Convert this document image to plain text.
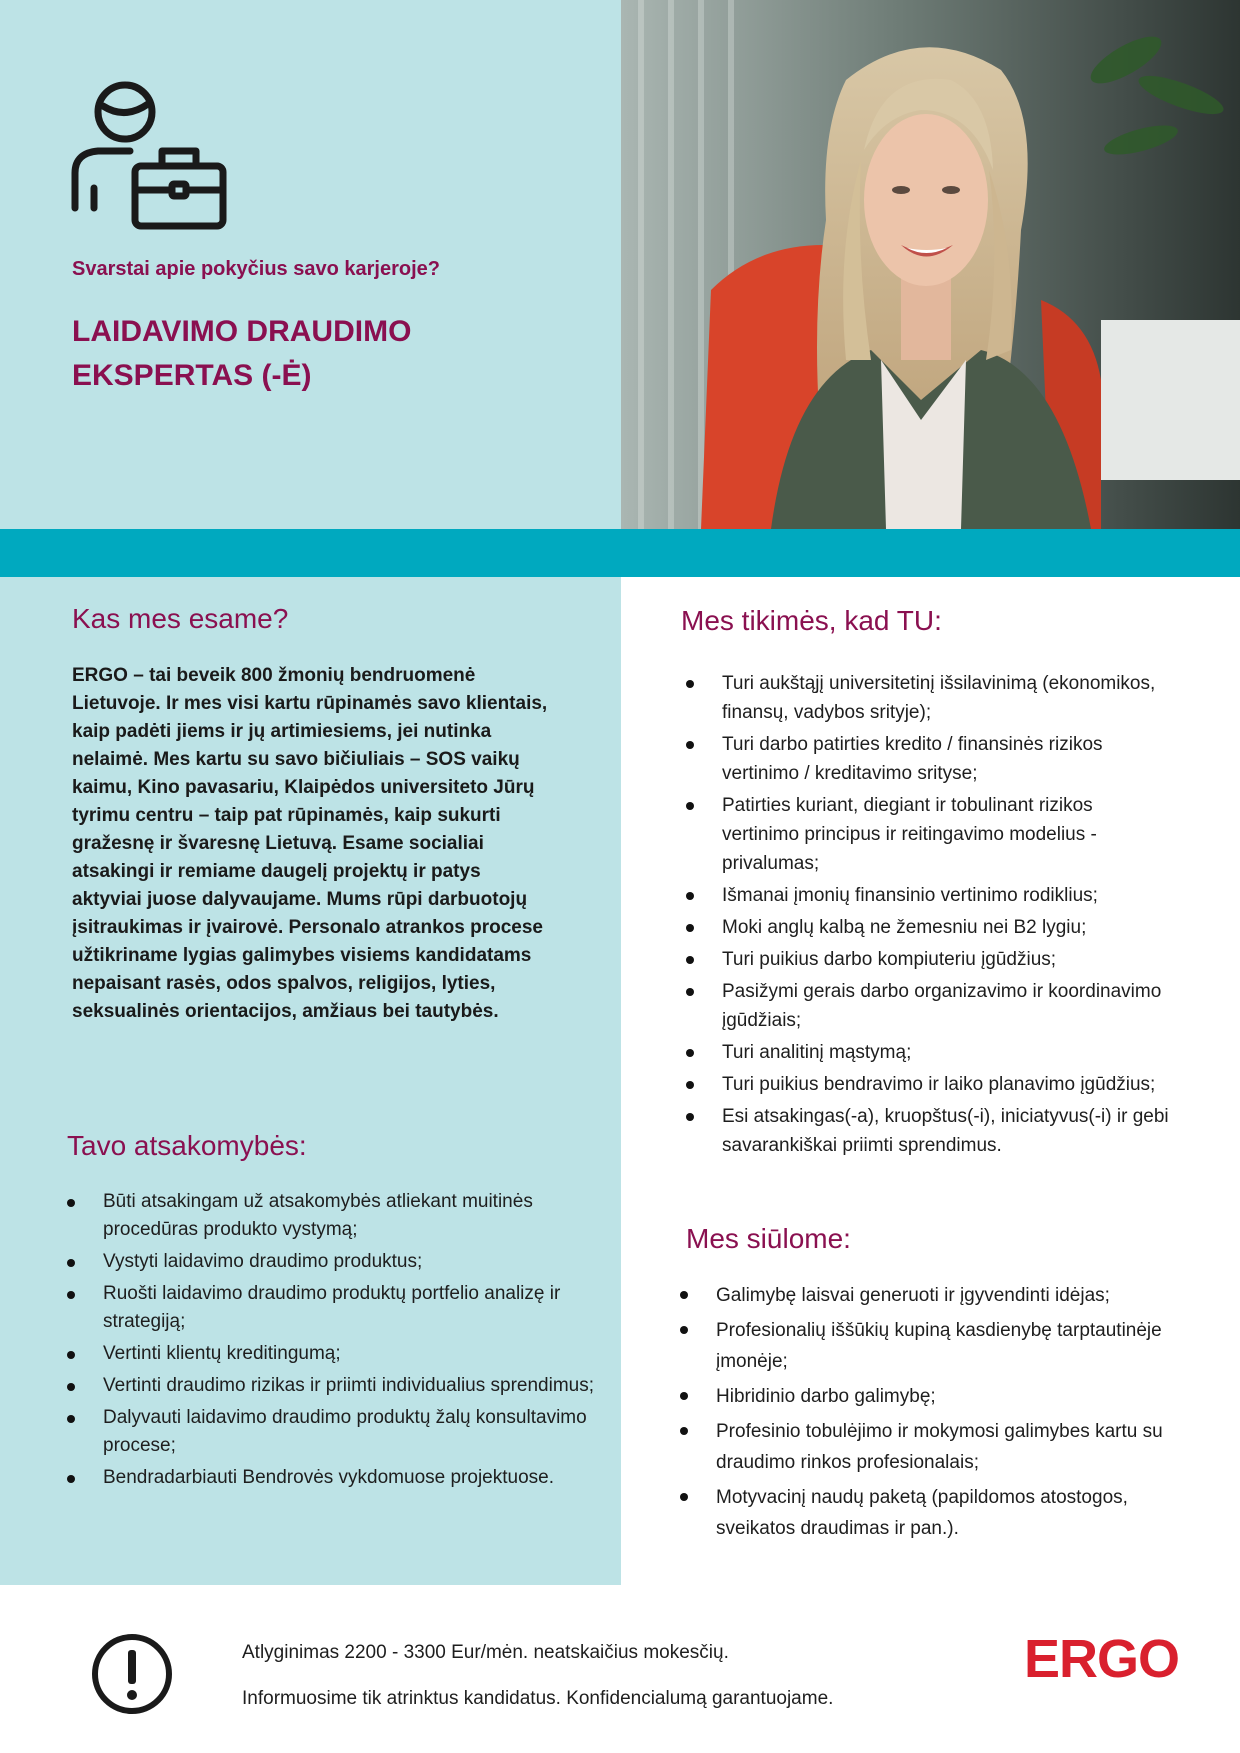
Svarstai apie pokyčius savo karjeroje?
LAIDAVIMO DRAUDIMO
EKSPERTAS (-Ė)
Kas mes esame?
ERGO – tai beveik 800 žmonių bendruomenė Lietuvoje. Ir mes visi kartu rūpinamės savo klientais, kaip padėti jiems ir jų artimiesiems, jei nutinka nelaimė. Mes kartu su savo bičiuliais – SOS vaikų kaimu, Kino pavasariu, Klaipėdos universiteto Jūrų tyrimu centru – taip pat rūpinamės, kaip sukurti gražesnę ir švaresnę Lietuvą. Esame socialiai atsakingi ir remiame daugelį projektų ir patys aktyviai juose dalyvaujame. Mums rūpi darbuotojų įsitraukimas ir įvairovė. Personalo atrankos procese užtikriname lygias galimybes visiems kandidatams nepaisant rasės, odos spalvos, religijos, lyties, seksualinės orientacijos, amžiaus bei tautybės.
Tavo atsakomybės:
Būti atsakingam už atsakomybės atliekant muitinės procedūras produkto vystymą;
Vystyti laidavimo draudimo produktus;
Ruošti laidavimo draudimo produktų portfelio analizę ir strategiją;
Vertinti klientų kreditingumą;
Vertinti draudimo rizikas ir priimti individualius sprendimus;
Dalyvauti laidavimo draudimo produktų žalų konsultavimo procese;
Bendradarbiauti Bendrovės vykdomuose projektuose.
Mes tikimės, kad TU:
Turi aukštąjį universitetinį išsilavinimą (ekonomikos, finansų, vadybos srityje);
Turi darbo patirties kredito / finansinės rizikos vertinimo / kreditavimo srityse;
Patirties kuriant, diegiant ir tobulinant rizikos vertinimo principus ir reitingavimo modelius - privalumas;
Išmanai įmonių finansinio vertinimo rodiklius;
Moki anglų kalbą ne žemesniu nei B2 lygiu;
Turi puikius darbo kompiuteriu įgūdžius;
Pasižymi gerais darbo organizavimo ir koordinavimo įgūdžiais;
Turi analitinį mąstymą;
Turi puikius bendravimo ir laiko planavimo įgūdžius;
Esi atsakingas(-a), kruopštus(-i), iniciatyvus(-i) ir gebi savarankiškai priimti sprendimus.
Mes siūlome:
Galimybę laisvai generuoti ir įgyvendinti idėjas;
Profesionalių iššūkių kupiną kasdienybę tarptautinėje įmonėje;
Hibridinio darbo galimybę;
Profesinio tobulėjimo ir mokymosi galimybes kartu su draudimo rinkos profesionalais;
Motyvacinį naudų paketą (papildomos atostogos, sveikatos draudimas ir pan.).
Atlyginimas 2200 - 3300 Eur/mėn. neatskaičius mokesčių.
Informuosime tik atrinktus kandidatus. Konfidencialumą garantuojame.
ERGO
